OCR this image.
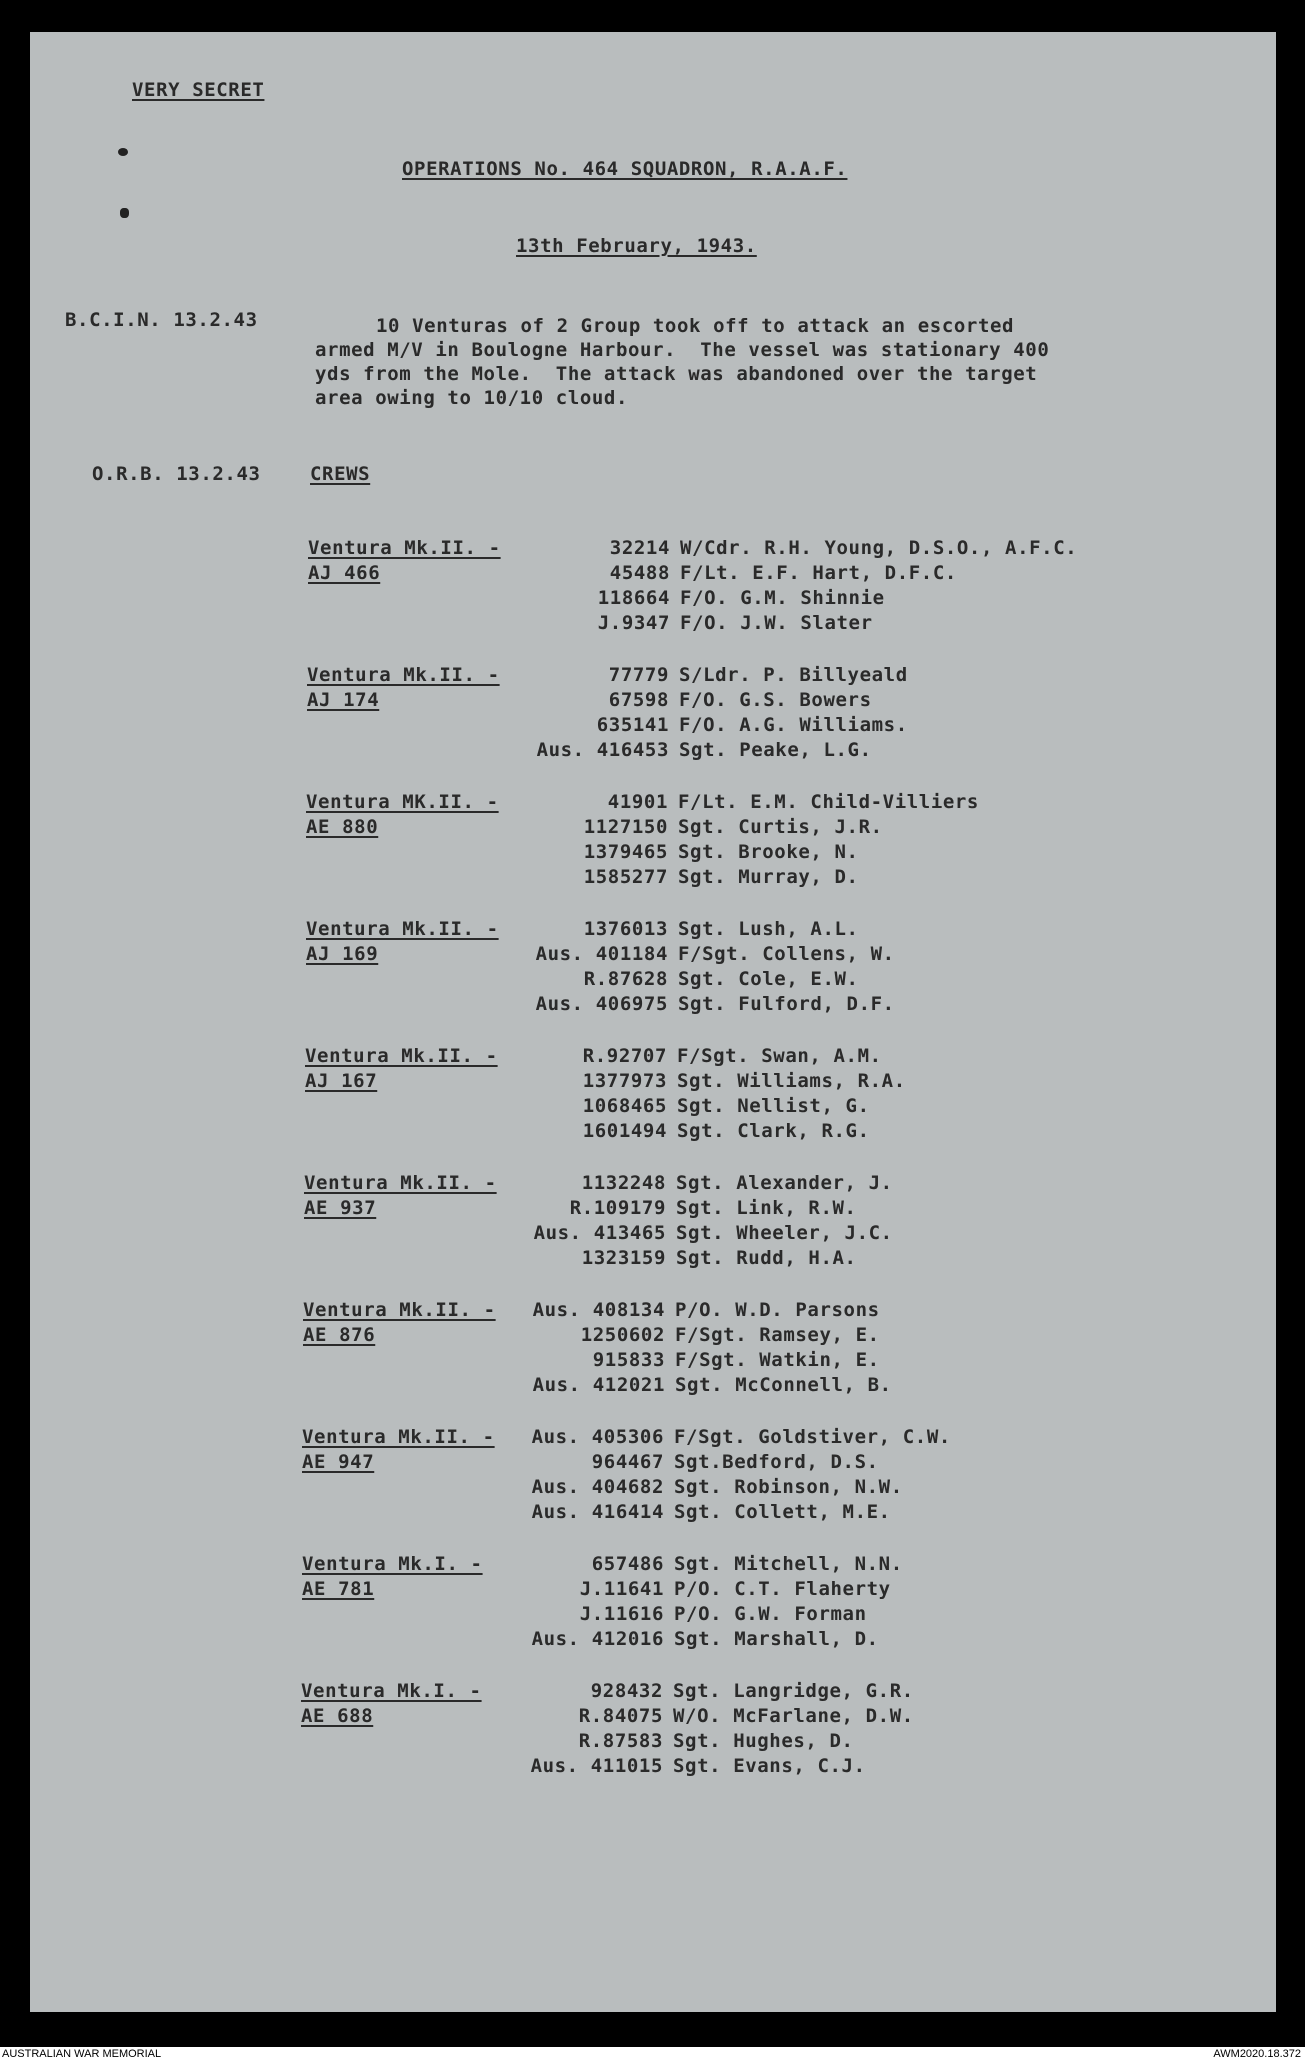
VERY SECRET
OPERATIONS No. 464 SQUADRON, R.A.A.F.
13th February, 1943.
B.C.I.N. 13.2.43	10 Venturas of 2 Group took off to attack an escorted
armed M/V in Boulogne Harbour.  The vessel was stationary 400
yds from the Mole.  The attack was abandoned over the target
area owing to 10/10 cloud.
O.R.B. 13.2.43	CREWS
Ventura Mk.II. -
AJ 466
32214 W/Cdr. R.H. Young, D.S.O., A.F.C.
45488 F/Lt. E.F. Hart, D.F.C.
118664 F/O. G.M. Shinnie
J.9347 F/O. J.W. Slater
Ventura Mk.II. -
AJ 174
77779 S/Ldr. P. Billyeald
67598 F/O. G.S. Bowers
635141 F/O. A.G. Williams.
Aus. 416453 Sgt. Peake, L.G.
Ventura MK.II. -
AE 880
41901 F/Lt. E.M. Child-Villiers
1127150 Sgt. Curtis, J.R.
1379465 Sgt. Brooke, N.
1585277 Sgt. Murray, D.
Ventura Mk.II. -
AJ 169
1376013 Sgt. Lush, A.L.
Aus. 401184 F/Sgt. Collens, W.
R.87628 Sgt. Cole, E.W.
Aus. 406975 Sgt. Fulford, D.F.
Ventura Mk.II. -
AJ 167
R.92707 F/Sgt. Swan, A.M.
1377973 Sgt. Williams, R.A.
1068465 Sgt. Nellist, G.
1601494 Sgt. Clark, R.G.
Ventura Mk.II. -
AE 937
1132248 Sgt. Alexander, J.
R.109179 Sgt. Link, R.W.
Aus. 413465 Sgt. Wheeler, J.C.
1323159 Sgt. Rudd, H.A.
Ventura Mk.II. -
AE 876
Aus. 408134 P/O. W.D. Parsons
1250602 F/Sgt. Ramsey, E.
915833 F/Sgt. Watkin, E.
Aus. 412021 Sgt. McConnell, B.
Ventura Mk.II. -
AE 947
Aus. 405306 F/Sgt. Goldstiver, C.W.
964467 Sgt.Bedford, D.S.
Aus. 404682 Sgt. Robinson, N.W.
Aus. 416414 Sgt. Collett, M.E.
Ventura Mk.I. -
AE 781
657486 Sgt. Mitchell, N.N.
J.11641 P/O. C.T. Flaherty
J.11616 P/O. G.W. Forman
Aus. 412016 Sgt. Marshall, D.
Ventura Mk.I. -
AE 688
928432 Sgt. Langridge, G.R.
R.84075 W/O. McFarlane, D.W.
R.87583 Sgt. Hughes, D.
Aus. 411015 Sgt. Evans, C.J.
AUSTRALIAN WAR MEMORIAL	AWM2020.18.372
